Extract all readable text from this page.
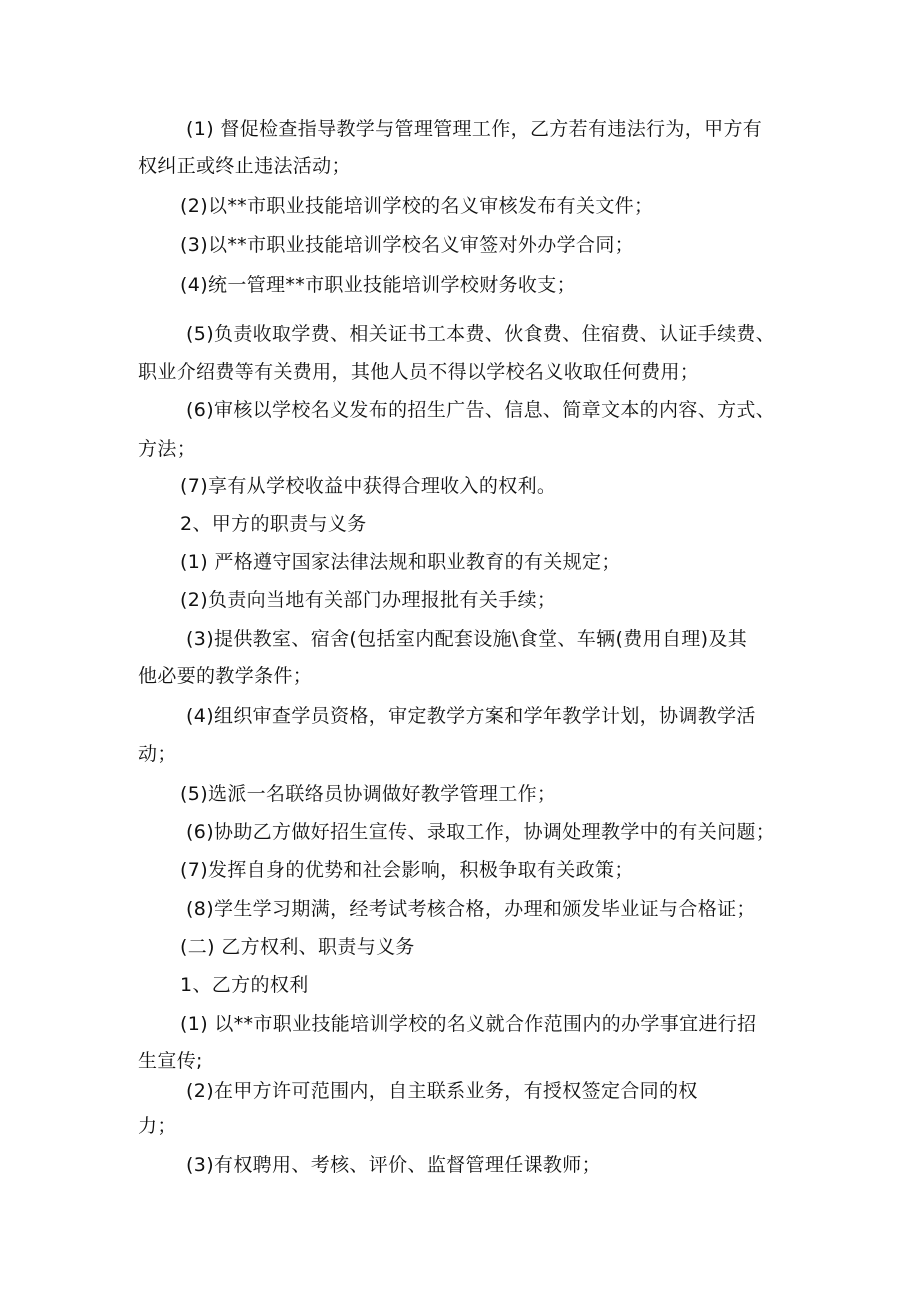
(1) 督促检查指导教学与管理管理工作，乙方若有违法行为，甲方有
权纠正或终止违法活动；
(2)以**市职业技能培训学校的名义审核发布有关文件；
(3)以**市职业技能培训学校名义审签对外办学合同；
(4)统一管理**市职业技能培训学校财务收支；
(5)负责收取学费、相关证书工本费、伙食费、住宿费、认证手续费、
职业介绍费等有关费用，其他人员不得以学校名义收取任何费用；
(6)审核以学校名义发布的招生广告、信息、简章文本的内容、方式、
方法；
(7)享有从学校收益中获得合理收入的权利。
2、甲方的职责与义务
(1) 严格遵守国家法律法规和职业教育的有关规定；
(2)负责向当地有关部门办理报批有关手续；
(3)提供教室、宿舍(包括室内配套设施\食堂、车辆(费用自理)及其
他必要的教学条件；
(4)组织审查学员资格，审定教学方案和学年教学计划，协调教学活
动；
(5)选派一名联络员协调做好教学管理工作；
(6)协助乙方做好招生宣传、录取工作，协调处理教学中的有关问题；
(7)发挥自身的优势和社会影响，积极争取有关政策；
(8)学生学习期满，经考试考核合格，办理和颁发毕业证与合格证；
(二) 乙方权利、职责与义务
1、乙方的权利
(1) 以**市职业技能培训学校的名义就合作范围内的办学事宜进行招
生宣传;
(2)在甲方许可范围内，自主联系业务，有授权签定合同的权
力；
(3)有权聘用、考核、评价、监督管理任课教师；
